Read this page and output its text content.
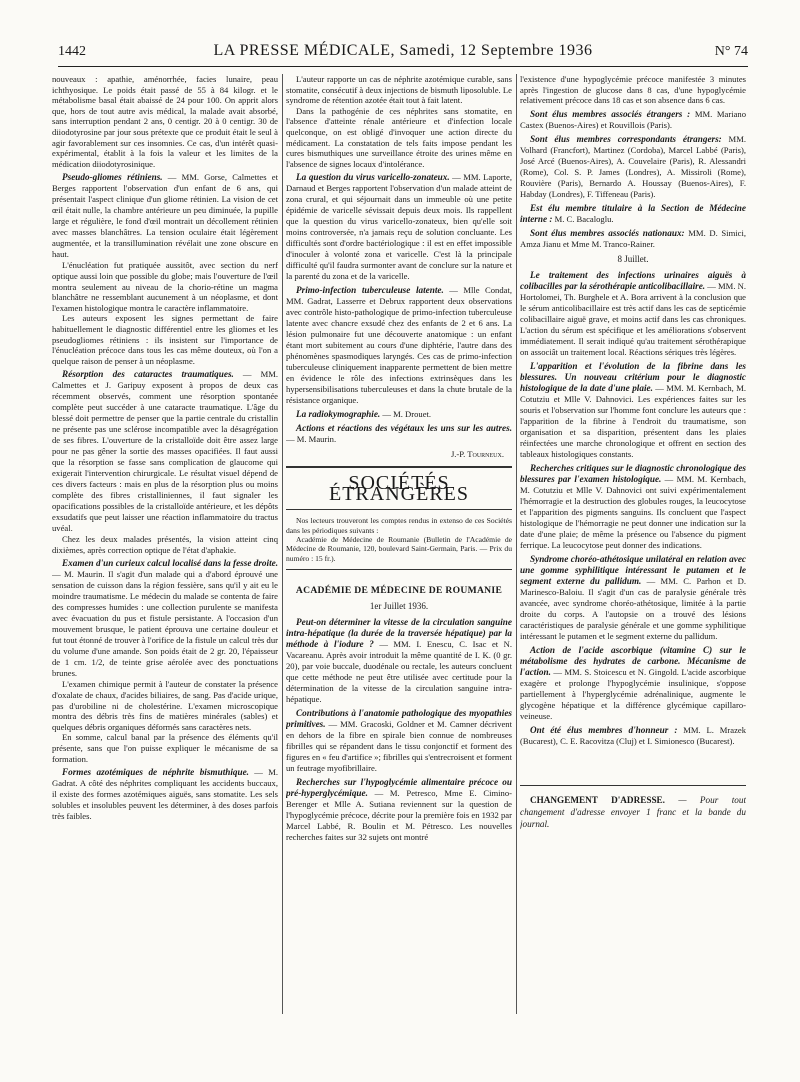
1442	LA PRESSE MÉDICALE, Samedi, 12 Septembre 1936	N° 74

nouveaux : apathie, aménorrhée, facies lunaire, peau ichthyosique. Le poids était passé de 55 à 84 kilogr. et le métabolisme basal était abaissé de 24 pour 100. On apprit alors que, hors de tout autre avis médical, la malade avait absorbé, sans interruption pendant 2 ans, 0 centigr. 20 à 0 centigr. 30 de diiodotyrosine par jour sous prétexte que ce produit était le seul à agir favorablement sur ces insomnies. Ce cas, d'un intérêt quasi-expérimental, établit à la fois la valeur et les limites de la médication diiodotyrosinique.

Pseudo-gliomes rétiniens. — MM. Gorse, Calmettes et Berges rapportent l'observation d'un enfant de 6 ans, qui présentait l'aspect clinique d'un gliome rétinien. La vision de cet œil était nulle, la chambre antérieure un peu diminuée, la pupille large et régulière, le fond d'œil montrait un décollement rétinien avec masses blanchâtres. La tension oculaire était légèrement augmentée, et la transillumination révélait une zone obscure en haut.

L'énucléation fut pratiquée aussitôt, avec section du nerf optique aussi loin que possible du globe; mais l'ouverture de l'œil montra seulement au niveau de la chorio-rétine un magma blanchâtre ne ressemblant aucunement à un néoplasme, et dont l'examen histologique montra le caractère inflammatoire.

Les auteurs exposent les signes permettant de faire habituellement le diagnostic différentiel entre les gliomes et les pseudogliomes rétiniens : ils insistent sur l'importance de l'énucléation précoce dans tous les cas même douteux, où l'on a quelque raison de penser à un néoplasme.

Résorption des cataractes traumatiques. — MM. Calmettes et J. Garipuy exposent à propos de deux cas récemment observés, comment une résorption spontanée complète peut succéder à une cataracte traumatique. L'âge du blessé doit permettre de penser que la partie centrale du cristallin ne présente pas une sclérose incompatible avec la désagrégation de ses fibres. L'ouverture de la cristalloïde doit être assez large pour ne pas gêner la sortie des masses opacifiées. Il faut aussi que la résorption se fasse sans complication de glaucome qui exigerait l'intervention chirurgicale. Le résultat visuel dépend de ces divers facteurs : mais en plus de la résorption plus ou moins complète des fibres cristalliniennes, il faut signaler les opacifications possibles de la cristalloïde antérieure, et les dépôts exsudatifs que peut laisser une réaction inflammatoire du tractus uvéal.

Chez les deux malades présentés, la vision atteint cinq dixièmes, après correction optique de l'état d'aphakie.

Examen d'un curieux calcul localisé dans la fesse droite. — M. Maurin. Il s'agit d'un malade qui a d'abord éprouvé une sensation de cuisson dans la région fessière, sans qu'il y ait eu le moindre traumatisme. Le médecin du malade se contenta de faire des compresses humides : une collection purulente se manifesta avec évacuation du pus et fistule persistante. A l'occasion d'un mouvement brusque, le patient éprouva une certaine douleur et fut tout étonné de trouver à l'orifice de la fistule un calcul très dur du volume d'une amande. Son poids était de 2 gr. 20, l'épaisseur de 1 cm. 1/2, de teinte grise aérolée avec des ponctuations brunes.

L'examen chimique permit à l'auteur de constater la présence d'oxalate de chaux, d'acides biliaires, de sang. Pas d'acide urique, pas d'urobiline ni de cholestérine. L'examen microscopique montra des débris très fins de matières minérales (sables) et quelques débris organiques déformés sans caractères nets.

En somme, calcul banal par la présence des éléments qu'il présente, sans que l'on puisse expliquer le mécanisme de sa formation.

Formes azotémiques de néphrite bismuthique. — M. Gadrat. A côté des néphrites compliquant les accidents buccaux, il existe des formes azotémiques aiguës, sans stomatite. Les sels solubles et insolubles peuvent les déterminer, à des doses parfois très faibles.

L'auteur rapporte un cas de néphrite azotémique curable, sans stomatite, consécutif à deux injections de bismuth liposoluble. Le syndrome de rétention azotée était tout à fait latent.

Dans la pathogénie de ces néphrites sans stomatite, en l'absence d'atteinte rénale antérieure et d'infection locale quelconque, on est obligé d'invoquer une action directe du médicament. La constatation de tels faits impose pendant les cures bismuthiques une surveillance étroite des urines même en l'absence de signes locaux d'intolérance.

La question du virus varicello-zonateux. — MM. Laporte, Darnaud et Berges rapportent l'observation d'un malade atteint de zona crural, et qui séjournait dans un immeuble où une petite épidémie de varicelle sévissait depuis deux mois. Ils rappellent que la question du virus varicello-zonateux, bien qu'elle soit moins controversée, n'a jamais reçu de solution concluante. Les difficultés sont d'ordre bactériologique : il est en effet impossible d'inoculer à volonté zona et varicelle. C'est là la principale difficulté qu'il faudra surmonter avant de conclure sur la nature et la parenté du zona et de la varicelle.
Primo-infection tuberculeuse latente. — Mlle Condat, MM. Gadrat, Lasserre et Debrux rapportent deux observations avec contrôle histo-pathologique de primo-infection tuberculeuse latente avec chancre exsudé chez des enfants de 2 et 6 ans. La lésion pulmonaire fut une découverte anatomique : un enfant étant mort subitement au cours d'une diphtérie, l'autre dans des phénomènes spasmodiques laryngés. Ces cas de primo-infection tuberculeuse cliniquement inapparente permettent de bien mettre en évidence le rôle des infections extrinsèques dans les hypersensibilisations tuberculeuses et dans la chute brutale de la résistance organique.
La radiokymographie. — M. Drouet.
Actions et réactions des végétaux les uns sur les autres. — M. Maurin.
J.-P. Tourneux.
SOCIÉTÉS ÉTRANGÈRES

Nos lecteurs trouveront les comptes rendus in extenso de ces Sociétés dans les périodiques suivants :

Académie de Médecine de Roumanie (Bulletin de l'Académie de Médecine de Roumanie, 120, boulevard Saint-Germain, Paris. — Prix du numéro : 15 fr.).

ACADÉMIE DE MÉDECINE DE ROUMANIE
1er Juillet 1936.
Peut-on déterminer la vitesse de la circulation sanguine intra-hépatique (la durée de la traversée hépatique) par la méthode à l'iodure ? — MM. I. Enescu, C. Isac et N. Vacareanu. Après avoir introduit la même quantité de I. K. (0 gr. 20), par voie buccale, duodénale ou rectale, les auteurs concluent que cette méthode ne peut être utilisée avec certitude pour la détermination de la vitesse de la circulation sanguine intra-hépatique.
Contributions à l'anatomie pathologique des myopathies primitives. — MM. Gracoski, Goldner et M. Camner décrivent en dehors de la fibre en spirale bien connue de nombreuses fibrilles qui se répandent dans le tissu conjonctif et forment des figures en « feu d'artifice »; fibrilles qui s'entrecroisent et forment un feutrage myofibrillaire.
Recherches sur l'hypoglycémie alimentaire précoce ou pré-hyperglycémique. — M. Petresco, Mme E. Cimino-Berenger et Mlle A. Sutiana reviennent sur la question de l'hypoglycémie précoce, décrite pour la première fois en 1932 par Marcel Labbé, R. Boulin et M. Pétresco. Les nouvelles recherches faites sur 32 sujets ont montré

l'existence d'une hypoglycémie précoce manifestée 3 minutes après l'ingestion de glucose dans 8 cas, d'une hypoglycémie relativement précoce dans 18 cas et son absence dans 6 cas.

Sont élus membres associés étrangers : MM. Mariano Castex (Buenos-Aires) et Rouvillois (Paris).
Sont élus membres correspondants étrangers: MM. Volhard (Francfort), Martinez (Cordoba), Marcel Labbé (Paris), José Arcé (Buenos-Aires), A. Couvelaire (Paris), R. Alessandri (Rome), Col. S. P. James (Londres), A. Missiroli (Rome), Rouvière (Paris), Bernardo A. Houssay (Buenos-Aires), F. Habday (Londres), F. Tiffeneau (Paris).
Est élu membre titulaire à la Section de Médecine interne : M. C. Bacaloglu.
Sont élus membres associés nationaux: MM. D. Simici, Amza Jianu et Mme M. Tranco-Rainer.
8 Juillet.
Le traitement des infections urinaires aiguës à colibacilles par la sérothérapie anticolibacillaire. — MM. N. Hortolomei, Th. Burghele et A. Bora arrivent à la conclusion que le sérum anticolibacillaire est très actif dans les cas de septicémie colibacillaire aiguë grave, et moins actif dans les cas chroniques. L'action du sérum est spécifique et les améliorations s'observent immédiatement. Il serait indiqué qu'au traitement sérothérapique on associât un traitement local. Réactions sériques très légères.
L'apparition et l'évolution de la fibrine dans les blessures. Un nouveau critérium pour le diagnostic histologique de la date d'une plaie. — MM. M. Kernbach, M. Cotutziu et Mlle V. Dahnovici. Les expériences faites sur les souris et l'observation sur l'homme font conclure les auteurs que : l'apparition de la fibrine à l'endroit du traumatisme, son organisation et sa disparition, présentent dans les plaies réinfectées une marche chronologique et offrent en section des tableaux histologiques constants.
Recherches critiques sur le diagnostic chronologique des blessures par l'examen histologique. — MM. M. Kernbach, M. Cotutziu et Mlle V. Dahnovici ont suivi expérimentalement l'hémorragie et la destruction des globules rouges, la leucocytose et l'apparition des pigments sanguins. Ils concluent que l'aspect histologique de l'hémorragie ne peut donner une indication sur la date d'une plaie; de même la présence ou l'absence du pigment ferrique. La leucocytose peut donner des indications.
Syndrome choréo-athétosique unilatéral en relation avec une gomme syphilitique intéressant le putamen et le segment externe du pallidum. — MM. C. Parhon et D. Marinesco-Baloiu. Il s'agit d'un cas de paralysie générale très avancée, avec syndrome choréo-athétosique, limitée à la partie droite du corps. A l'autopsie on a trouvé des lésions caractéristiques de paralysie générale et une gomme syphilitique intéressant le putamen et le segment externe du pallidum.
Action de l'acide ascorbique (vitamine C) sur le métabolisme des hydrates de carbone. Mécanisme de l'action. — MM. S. Stoicescu et N. Gingold. L'acide ascorbique exagère et prolonge l'hypoglycémie insulinique, s'oppose partiellement à l'hyperglycémie adrénalinique, augmente le glycogène hépatique et la différence glycémique capillaro-veineuse.
Ont été élus membres d'honneur : MM. L. Mrazek (Bucarest), C. E. Racovitza (Cluj) et I. Simionesco (Bucarest).

CHANGEMENT D'ADRESSE. — Pour tout changement d'adresse envoyer 1 franc et la bande du journal.
